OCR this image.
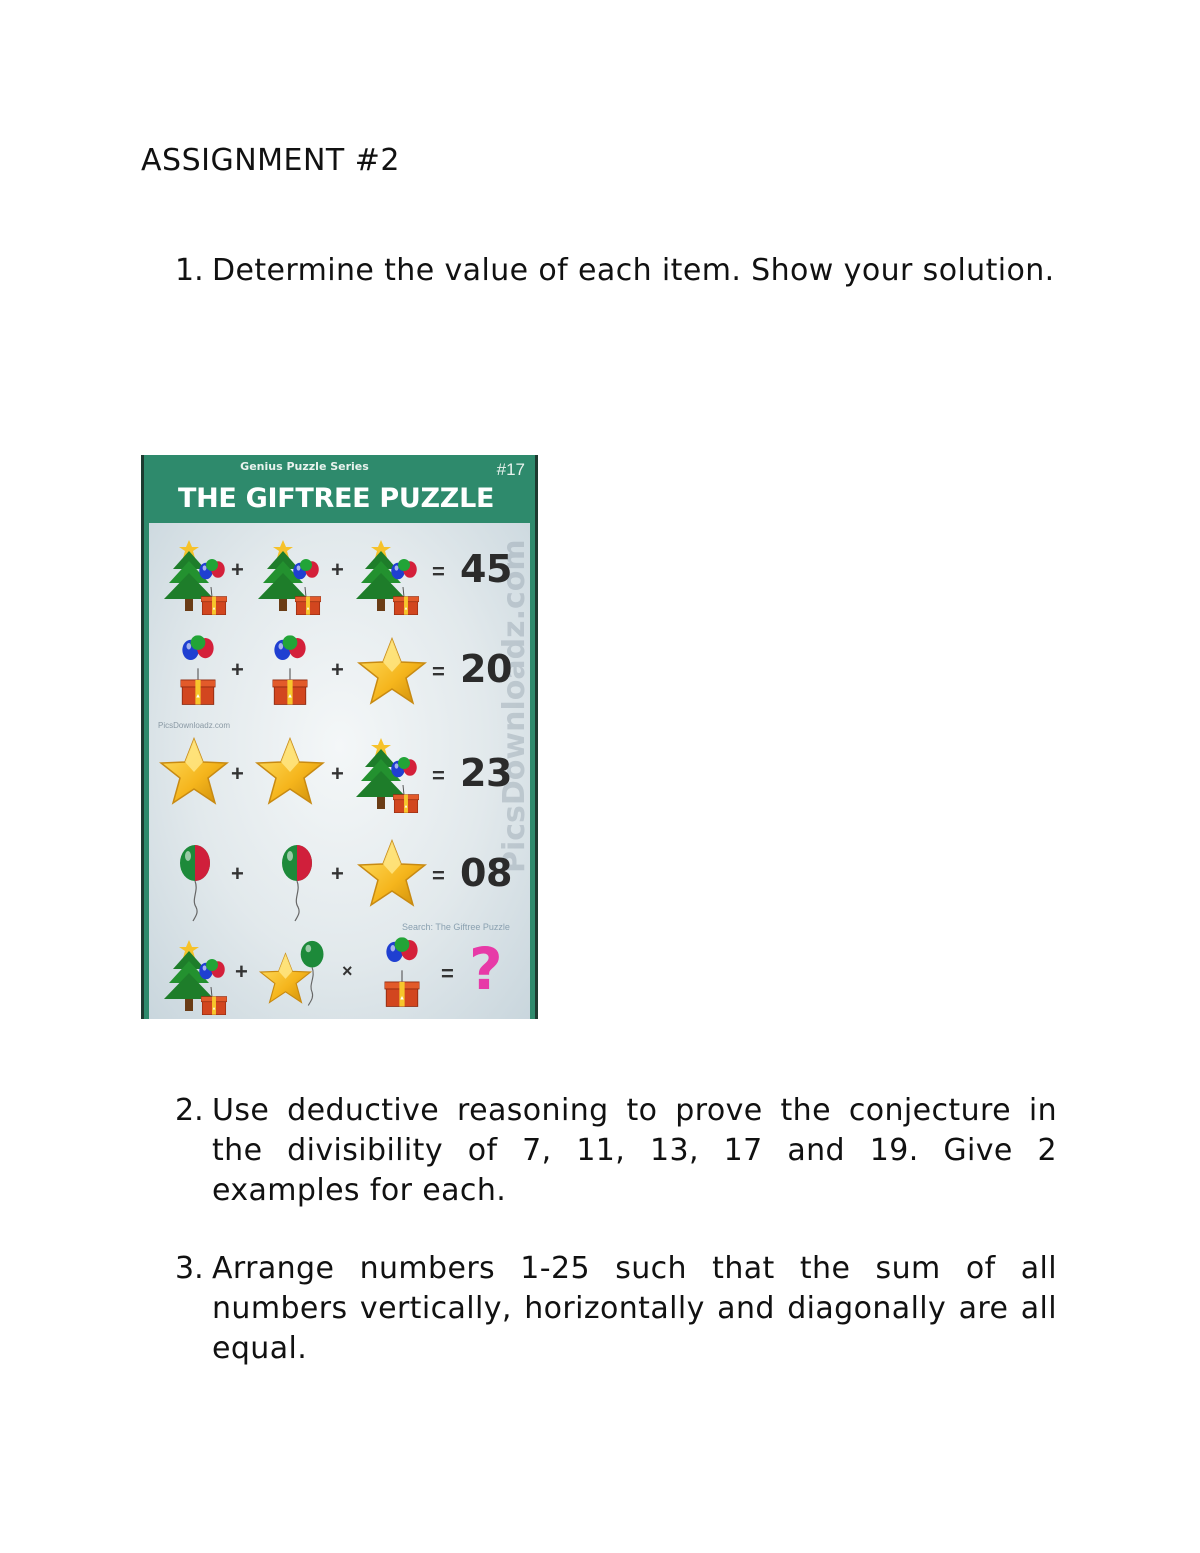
ASSIGNMENT #2
1. Determine the value of each item. Show your solution.
Genius Puzzle Series	#17
THE GIFTREE PUZZLE
PicsDownloadz.com	PicsDownloadz.com
Search: The Giftree Puzzle
+	+	= 45
+	+	= 20
+	+	= 23
+	+	= 08
+	×	= ?
2. Use deductive reasoning to prove the conjecture in the divisibility of 7, 11, 13, 17 and 19. Give 2 examples for each.
3. Arrange numbers 1-25 such that the sum of all numbers vertically, horizontally and diagonally are all equal.
